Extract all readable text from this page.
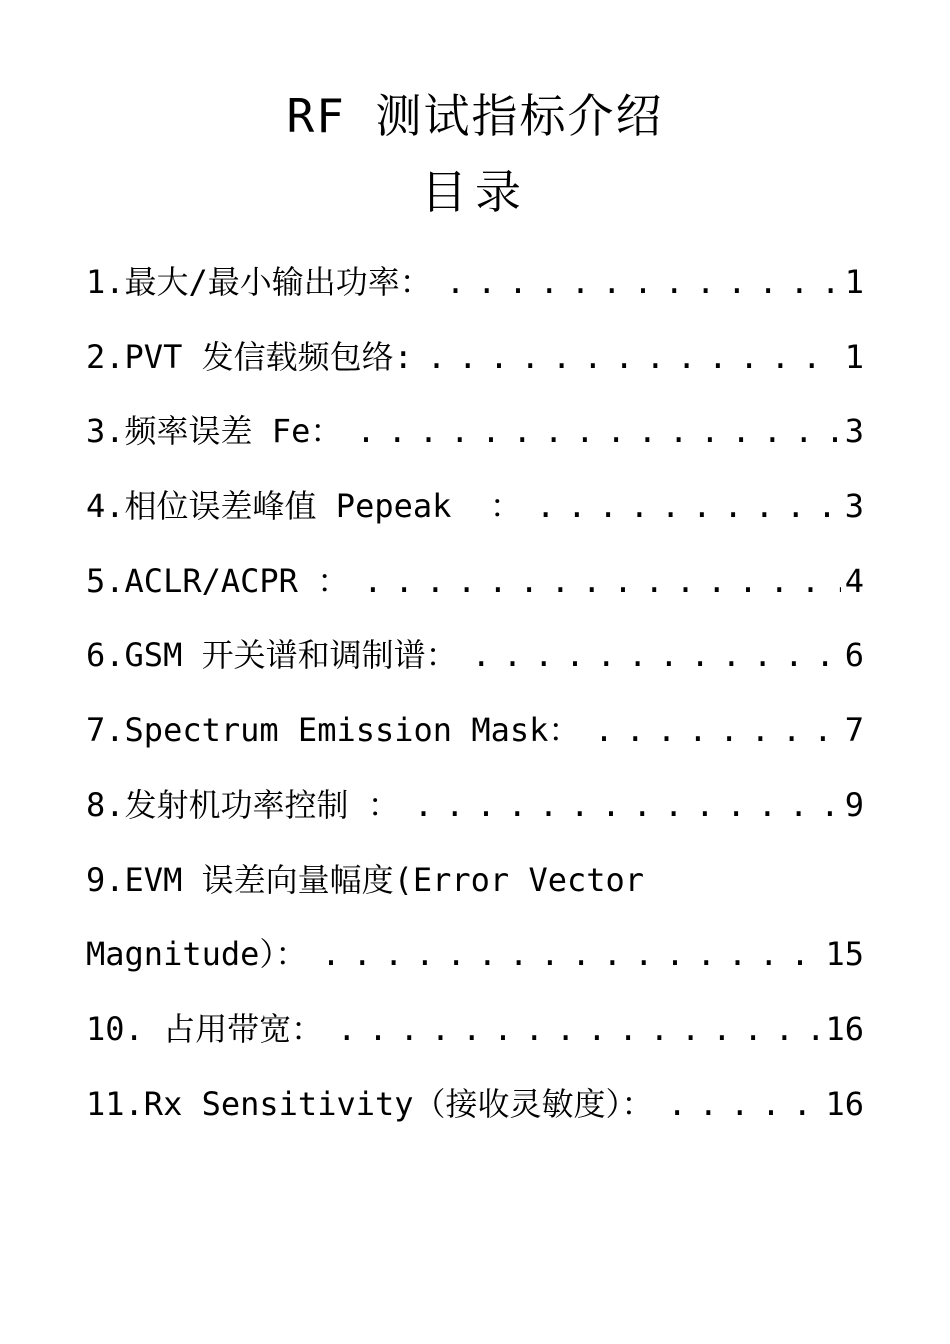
RF 测试指标介绍
目录
1.最大/最小输出功率： .....	1
2.PVT 发信载频包络: .....	1
3.频率误差 Fe： .....	3
4.相位误差峰值 Pepeak  ： .....	3
5.ACLR/ACPR ： .....	4
6.GSM 开关谱和调制谱： .....	6
7.Spectrum Emission Mask： .....	7
8.发射机功率控制 ： .....	9
9.EVM 误差向量幅度(Error Vector
Magnitude）： .....	15
10. 占用带宽： .....	16
11.Rx Sensitivity（接收灵敏度）： .....	16
